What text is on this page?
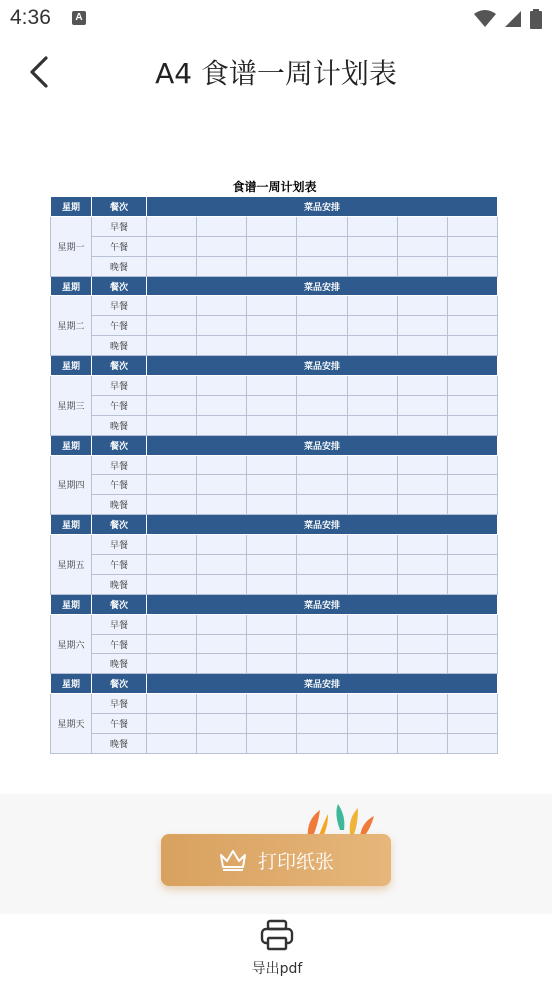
4:36	A
A4 食谱一周计划表
食谱一周计划表
星期	餐次	菜品安排						
星期一	早餐							
	午餐							
	晚餐							
星期	餐次	菜品安排						
星期二	早餐							
	午餐							
	晚餐							
星期	餐次	菜品安排						
星期三	早餐							
	午餐							
	晚餐							
星期	餐次	菜品安排						
星期四	早餐							
	午餐							
	晚餐							
星期	餐次	菜品安排						
星期五	早餐							
	午餐							
	晚餐							
星期	餐次	菜品安排						
星期六	早餐							
	午餐							
	晚餐							
星期	餐次	菜品安排						
星期天	早餐							
	午餐							
	晚餐							
打印纸张
导出pdf
